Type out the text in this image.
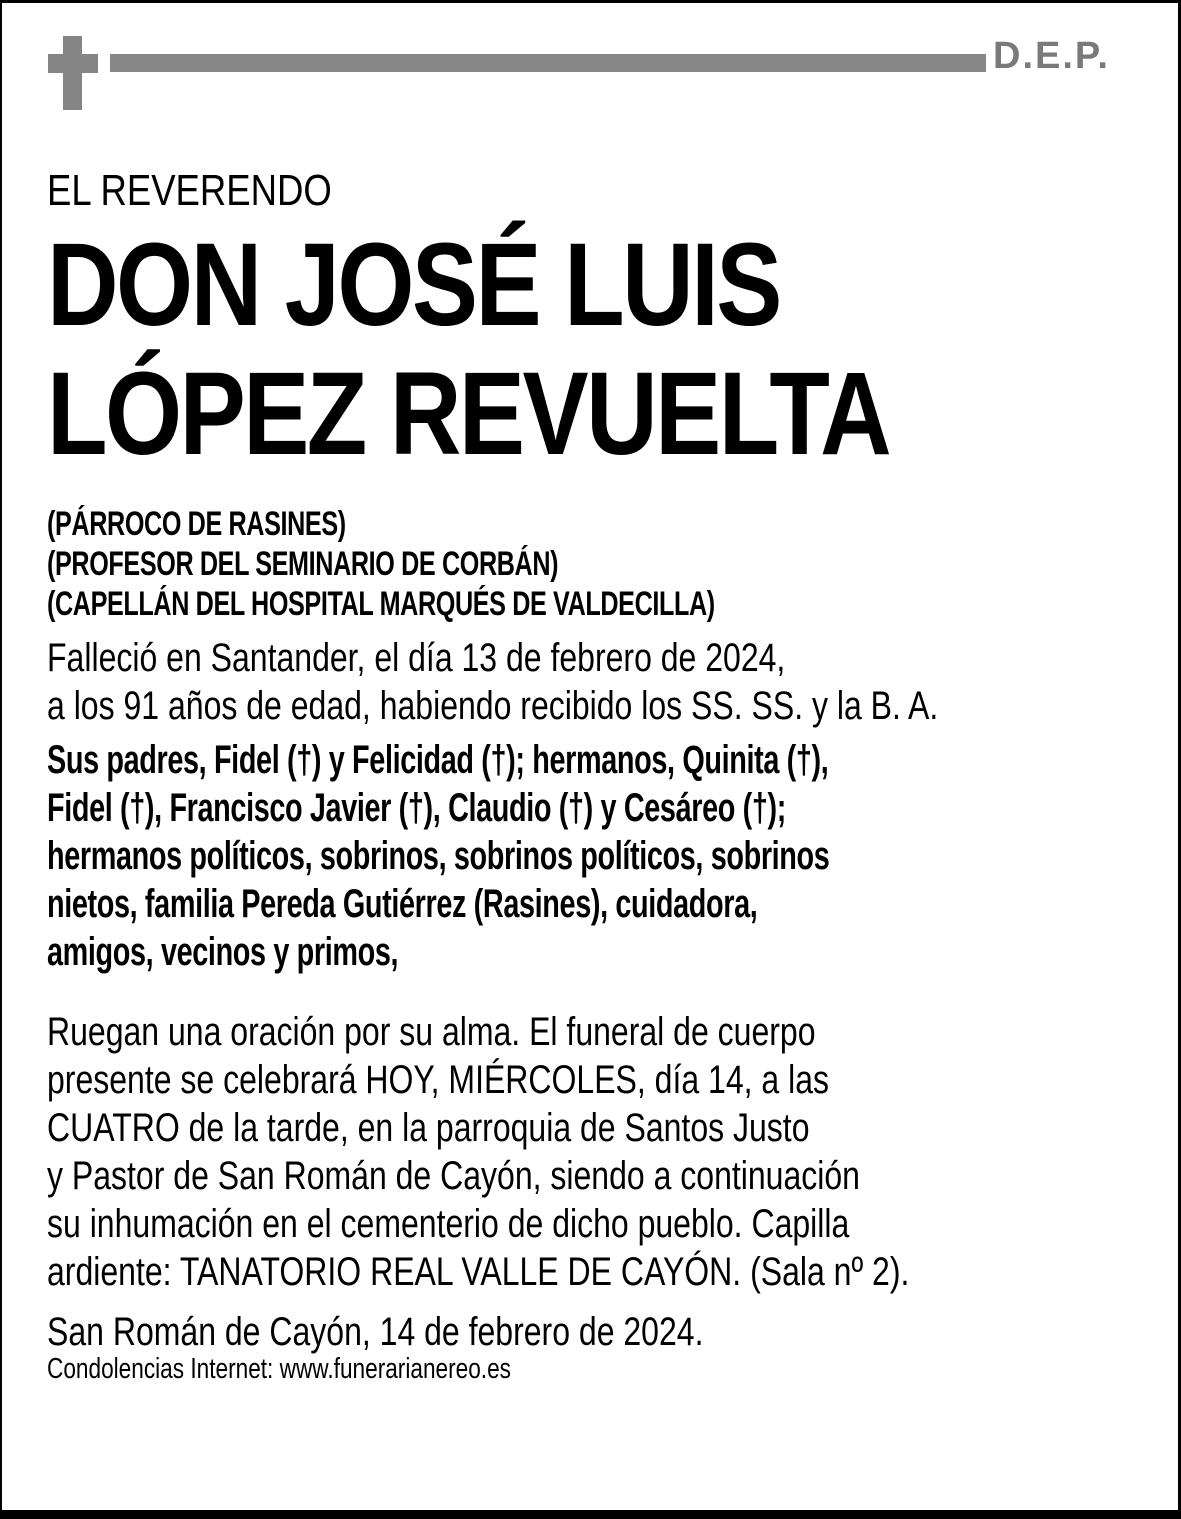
D.E.P.
EL REVERENDO
DON JOSÉ LUIS
LÓPEZ REVUELTA
(PÁRROCO DE RASINES)
(PROFESOR DEL SEMINARIO DE CORBÁN)
(CAPELLÁN DEL HOSPITAL MARQUÉS DE VALDECILLA)
Falleció en Santander, el día 13 de febrero de 2024,
a los 91 años de edad, habiendo recibido los SS. SS. y la B. A.
Sus padres, Fidel (†) y Felicidad (†); hermanos, Quinita (†),
Fidel (†), Francisco Javier (†), Claudio (†) y Cesáreo (†);
hermanos políticos, sobrinos, sobrinos políticos, sobrinos
nietos, familia Pereda Gutiérrez (Rasines), cuidadora,
amigos, vecinos y primos,
Ruegan una oración por su alma. El funeral de cuerpo
presente se celebrará HOY, MIÉRCOLES, día 14, a las
CUATRO de la tarde, en la parroquia de Santos Justo
y Pastor de San Román de Cayón, siendo a continuación
su inhumación en el cementerio de dicho pueblo. Capilla
ardiente: TANATORIO REAL VALLE DE CAYÓN. (Sala nº 2).
San Román de Cayón, 14 de febrero de 2024.
Condolencias Internet: www.funerarianereo.es
